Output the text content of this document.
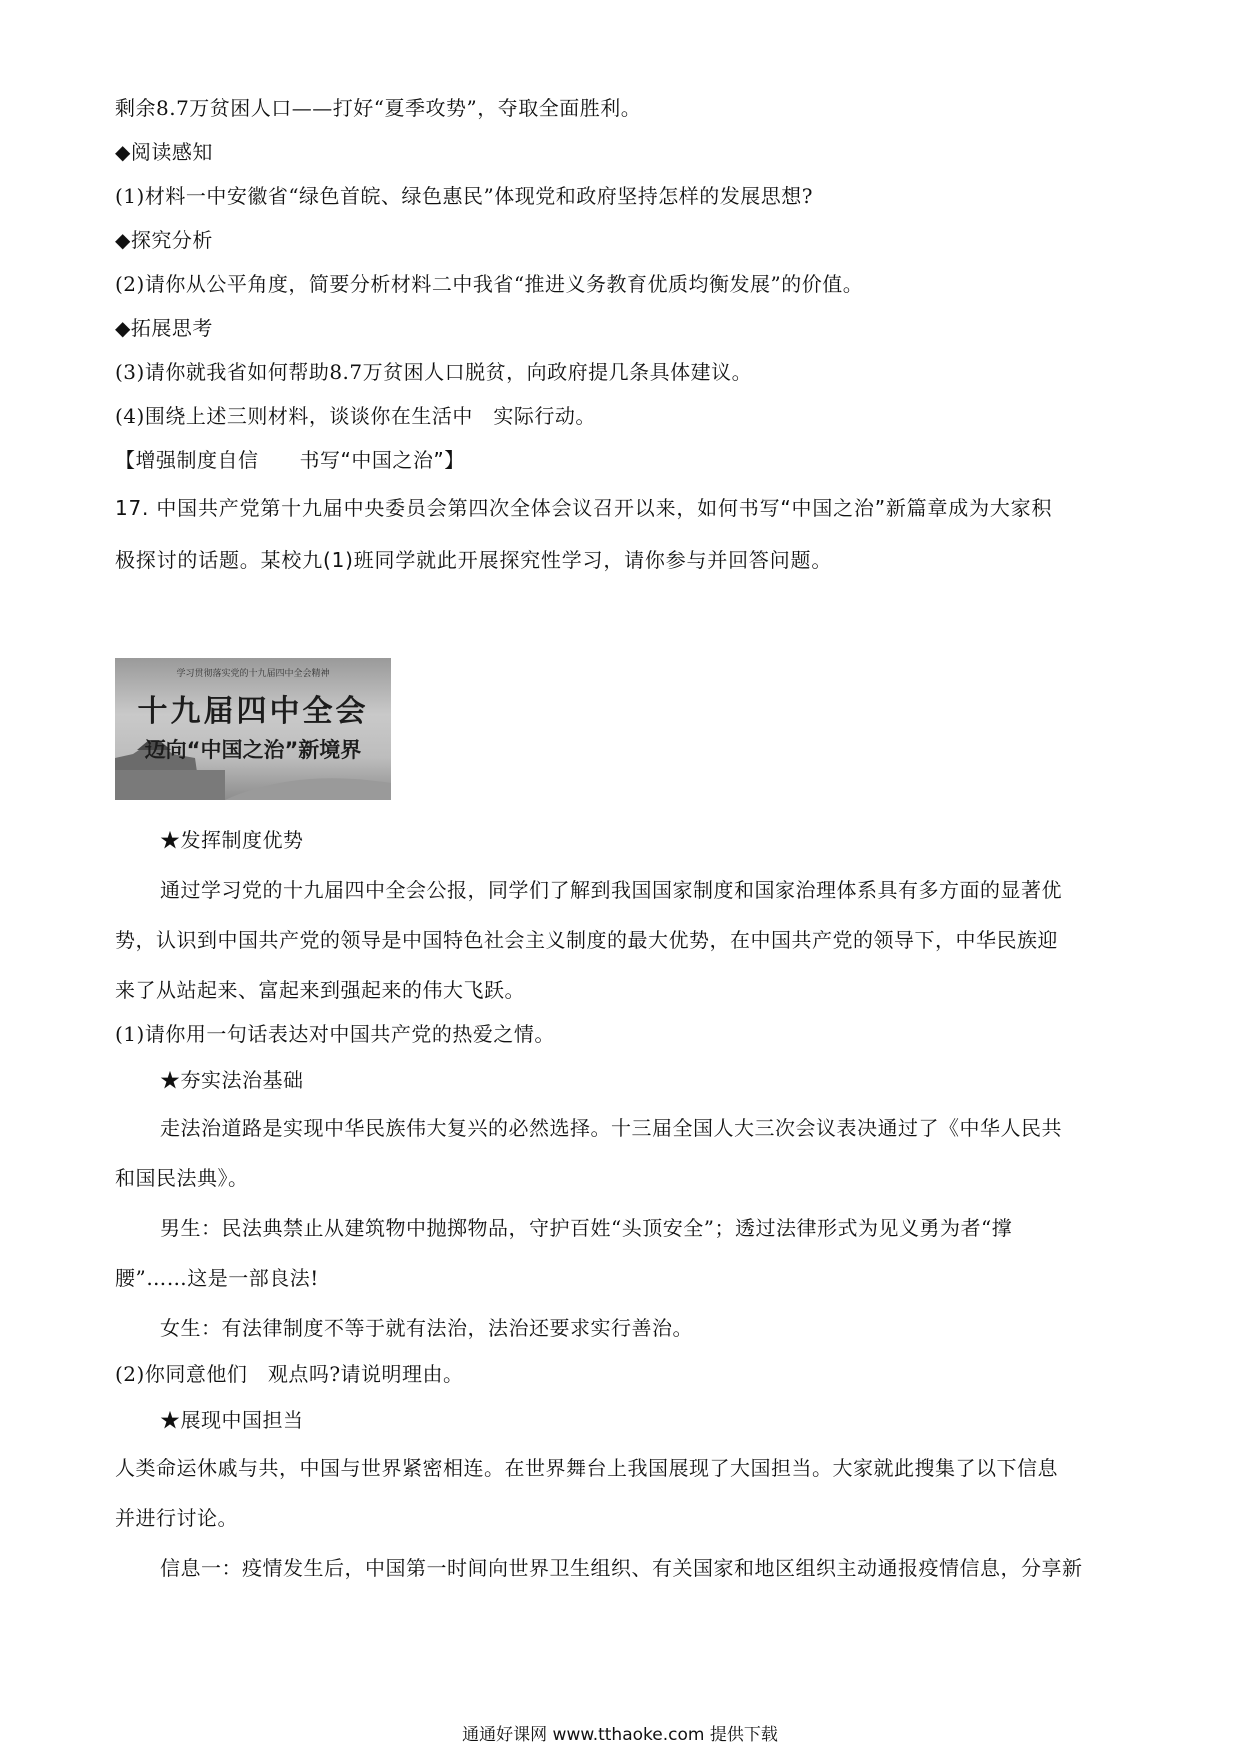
剩余8.7万贫困人口——打好“夏季攻势”，夺取全面胜利。
◆阅读感知
(1)材料一中安徽省“绿色首皖、绿色惠民”体现党和政府坚持怎样的发展思想?
◆探究分析
(2)请你从公平角度，简要分析材料二中我省“推进义务教育优质均衡发展”的价值。
◆拓展思考
(3)请你就我省如何帮助8.7万贫困人口脱贫，向政府提几条具体建议。
(4)围绕上述三则材料，谈谈你在生活中　实际行动。
【增强制度自信　　书写“中国之治”】
17. 中国共产党第十九届中央委员会第四次全体会议召开以来，如何书写“中国之治”新篇章成为大家积
极探讨的话题。某校九(1)班同学就此开展探究性学习，请你参与并回答问题。
学习贯彻落实党的十九届四中全会精神
十九届四中全会
迈向“中国之治”新境界
★发挥制度优势
通过学习党的十九届四中全会公报，同学们了解到我国国家制度和国家治理体系具有多方面的显著优
势，认识到中国共产党的领导是中国特色社会主义制度的最大优势，在中国共产党的领导下，中华民族迎
来了从站起来、富起来到强起来的伟大飞跃。
(1)请你用一句话表达对中国共产党的热爱之情。
★夯实法治基础
走法治道路是实现中华民族伟大复兴的必然选择。十三届全国人大三次会议表决通过了《中华人民共
和国民法典》。
男生：民法典禁止从建筑物中抛掷物品，守护百姓“头顶安全”；透过法律形式为见义勇为者“撑
腰”……这是一部良法!
女生：有法律制度不等于就有法治，法治还要求实行善治。
(2)你同意他们　观点吗?请说明理由。
★展现中国担当
人类命运休戚与共，中国与世界紧密相连。在世界舞台上我国展现了大国担当。大家就此搜集了以下信息
并进行讨论。
信息一：疫情发生后，中国第一时间向世界卫生组织、有关国家和地区组织主动通报疫情信息，分享新
通通好课网 www.tthaoke.com 提供下载
